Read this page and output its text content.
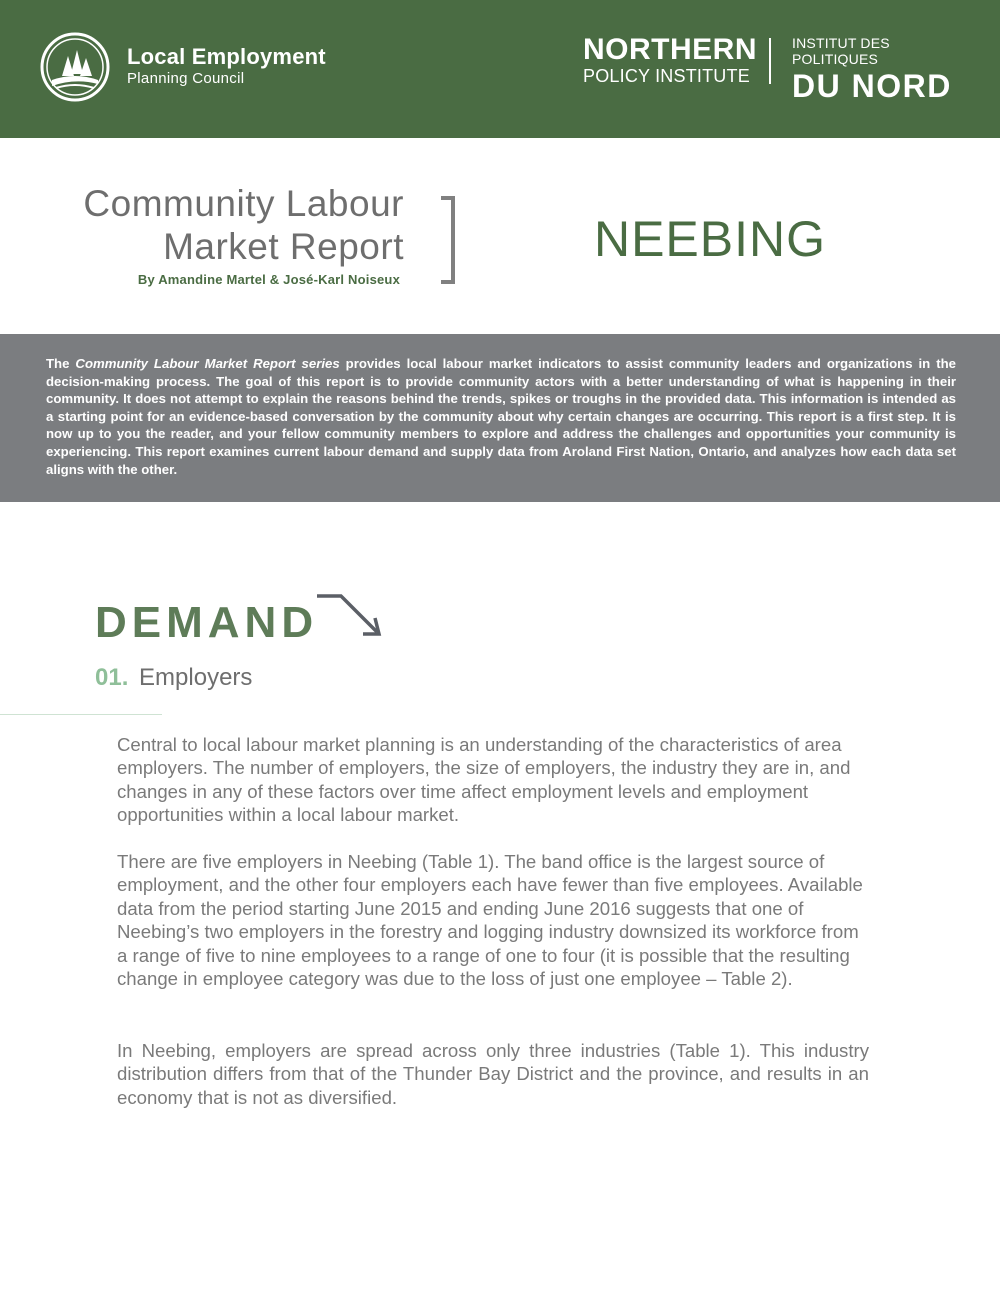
Local Employment
Planning Council
NORTHERN
POLICY INSTITUTE
INSTITUT DES POLITIQUES
DU NORD
Community Labour
Market Report
By Amandine Martel & José-Karl Noiseux
NEEBING

The Community Labour Market Report series provides local labour market indicators to assist community leaders and organizations in the decision-making process. The goal of this report is to provide community actors with a better understanding of what is happening in their community. It does not attempt to explain the reasons behind the trends, spikes or troughs in the provided data. This information is intended as a starting point for an evidence-based conversation by the community about why certain changes are occurring. This report is a first step. It is now up to you the reader, and your fellow community members to explore and address the challenges and opportunities your community is experiencing. This report examines current labour demand and supply data from Aroland First Nation, Ontario, and analyzes how each data set aligns with the other.

DEMAND
01. Employers

Central to local labour market planning is an understanding of the characteristics of area employers. The number of employers, the size of employers, the industry they are in, and changes in any of these factors over time affect employment levels and employment opportunities within a local labour market.

There are five employers in Neebing (Table 1). The band office is the largest source of employment, and the other four employers each have fewer than five employees. Available data from the period starting June 2015 and ending June 2016 suggests that one of Neebing’s two employers in the forestry and logging industry downsized its workforce from a range of five to nine employees to a range of one to four (it is possible that the resulting change in employee category was due to the loss of just one employee – Table 2).

In Neebing, employers are spread across only three industries (Table 1). This industry distribution differs from that of the Thunder Bay District and the province, and results in an economy that is not as diversified.
